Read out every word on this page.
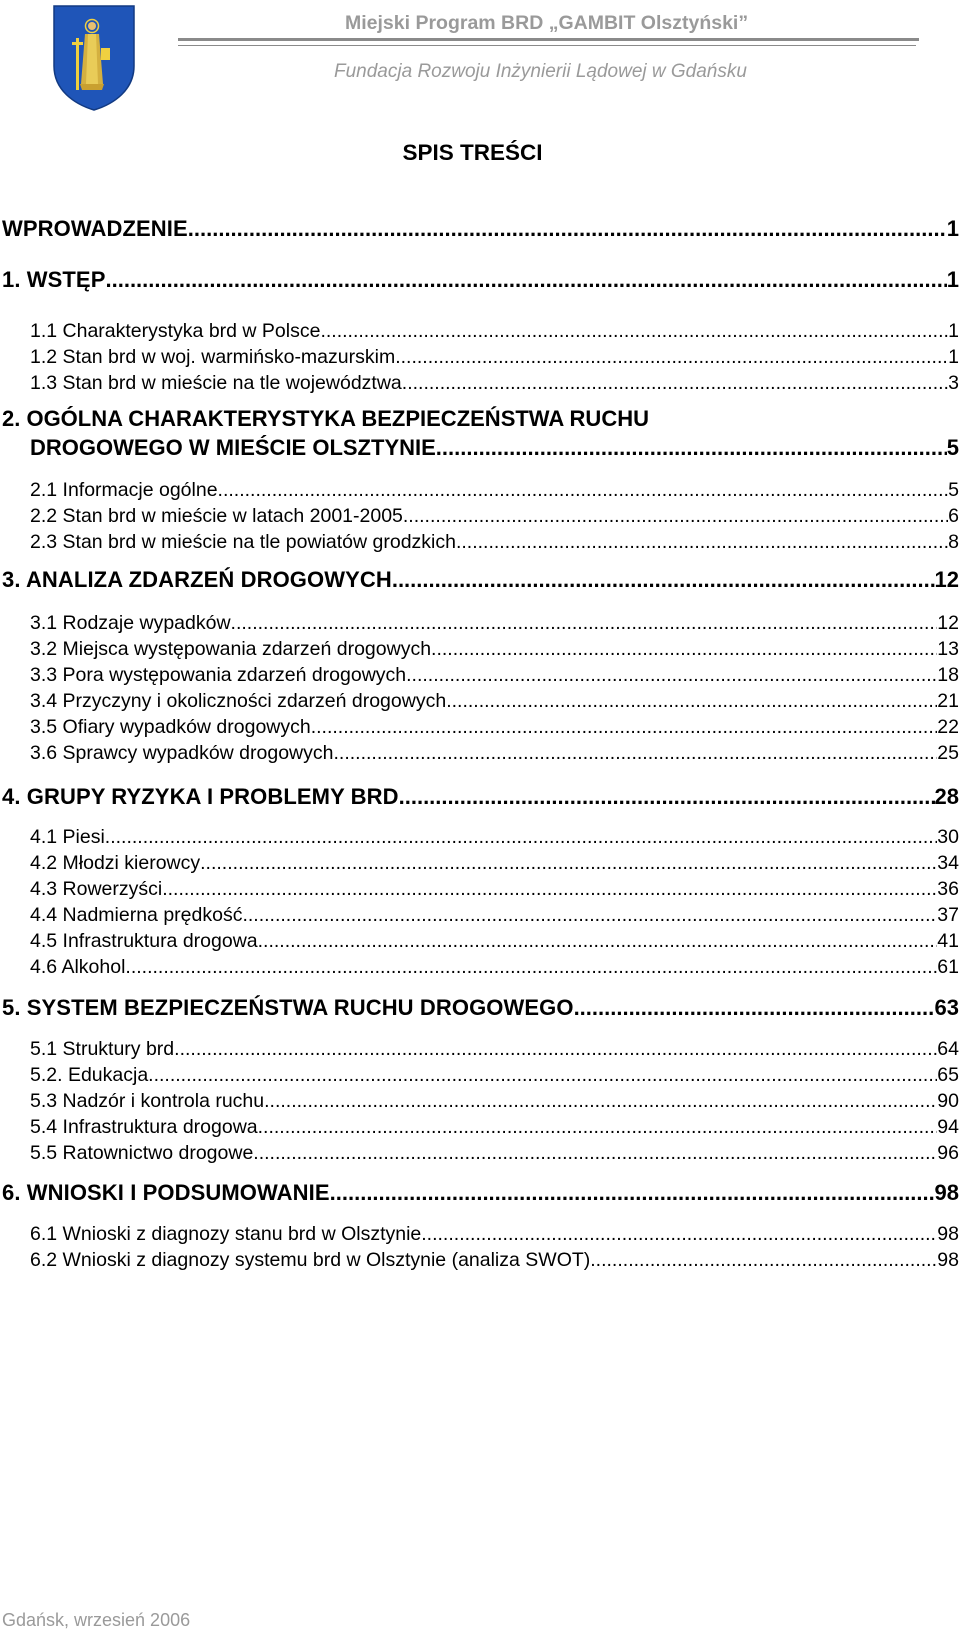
Miejski Program BRD „GAMBIT Olsztyński”
Fundacja Rozwoju Inżynierii Lądowej w Gdańsku
SPIS TREŚCI
WPROWADZENIE .....	1
1. WSTĘP .....	1
1.1 Charakterystyka brd w Polsce .....	1
1.2 Stan brd w woj. warmińsko-mazurskim .....	1
1.3 Stan brd w mieście na tle województwa .....	3
2. OGÓLNA CHARAKTERYSTYKA BEZPIECZEŃSTWA RUCHU
DROGOWEGO W MIEŚCIE OLSZTYNIE .....	5
2.1 Informacje ogólne .....	5
2.2 Stan brd w mieście w latach 2001-2005 .....	6
2.3 Stan brd w mieście na tle powiatów grodzkich .....	8
3. ANALIZA ZDARZEŃ DROGOWYCH .....	12
3.1 Rodzaje wypadków .....	12
3.2 Miejsca występowania zdarzeń drogowych .....	13
3.3 Pora występowania zdarzeń drogowych .....	18
3.4 Przyczyny i okoliczności zdarzeń drogowych .....	21
3.5 Ofiary wypadków drogowych .....	22
3.6 Sprawcy wypadków drogowych .....	25
4. GRUPY RYZYKA I PROBLEMY BRD .....	28
4.1 Piesi .....	30
4.2 Młodzi kierowcy .....	34
4.3 Rowerzyści .....	36
4.4 Nadmierna prędkość .....	37
4.5 Infrastruktura drogowa .....	41
4.6 Alkohol .....	61
5. SYSTEM BEZPIECZEŃSTWA RUCHU DROGOWEGO .....	63
5.1 Struktury brd .....	64
5.2. Edukacja .....	65
5.3 Nadzór i kontrola ruchu .....	90
5.4 Infrastruktura drogowa .....	94
5.5 Ratownictwo drogowe .....	96
6. WNIOSKI I PODSUMOWANIE .....	98
6.1 Wnioski z diagnozy stanu brd w Olsztynie .....	98
6.2 Wnioski z diagnozy systemu brd w Olsztynie (analiza SWOT) .....	98
Gdańsk, wrzesień 2006
